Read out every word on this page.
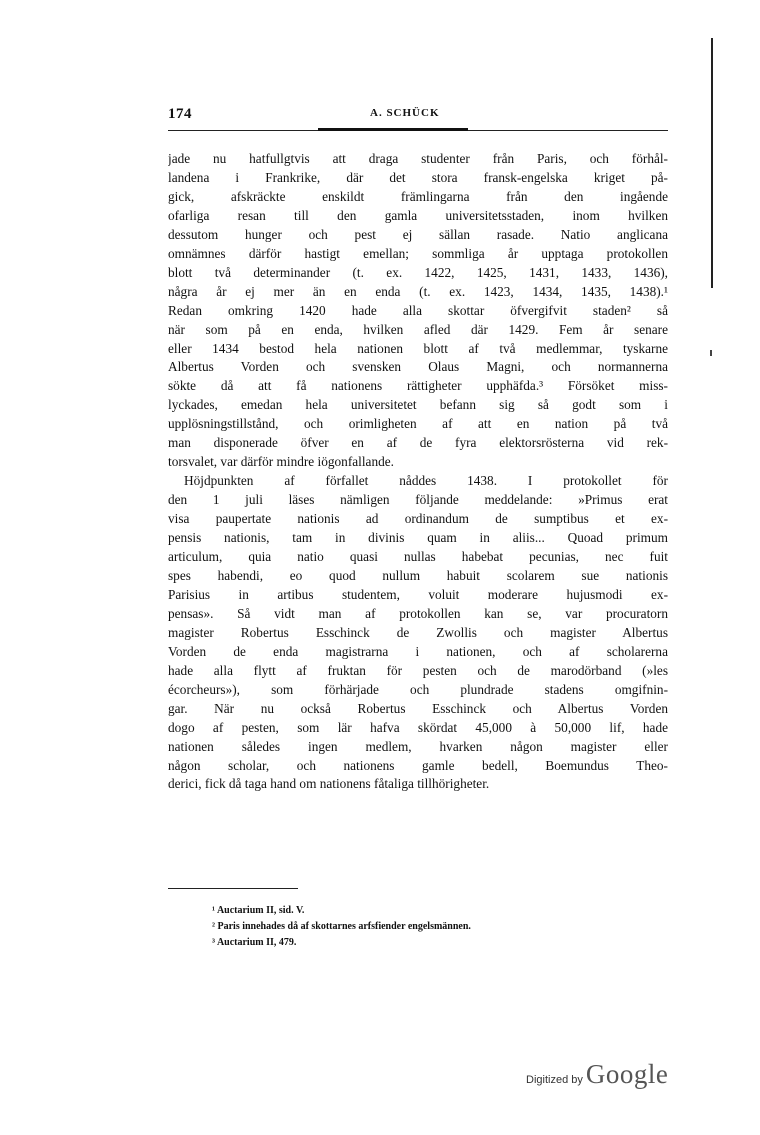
174	A. SCHÜCK
jade nu hatfullgtvis att draga studenter från Paris, och förhål-
landena i Frankrike, där det stora fransk-engelska kriget på-
gick, afskräckte enskildt främlingarna från den ingående
ofarliga resan till den gamla universitetsstaden, inom hvilken
dessutom hunger och pest ej sällan rasade. Natio anglicana
omnämnes därför hastigt emellan; sommliga år upptaga protokollen
blott två determinander (t. ex. 1422, 1425, 1431, 1433, 1436),
några år ej mer än en enda (t. ex. 1423, 1434, 1435, 1438).¹
Redan omkring 1420 hade alla skottar öfvergifvit staden² så
när som på en enda, hvilken afled där 1429. Fem år senare
eller 1434 bestod hela nationen blott af två medlemmar, tyskarne
Albertus Vorden och svensken Olaus Magni, och normannerna
sökte då att få nationens rättigheter upphäfda.³ Försöket miss-
lyckades, emedan hela universitetet befann sig så godt som i
upplösningstillstånd, och orimligheten af att en nation på två
man disponerade öfver en af de fyra elektorsrösterna vid rek-
torsvalet, var därför mindre iögonfallande.
Höjdpunkten af förfallet nåddes 1438. I protokollet för
den 1 juli läses nämligen följande meddelande: »Primus erat
visa paupertate nationis ad ordinandum de sumptibus et ex-
pensis nationis, tam in divinis quam in aliis... Quoad primum
articulum, quia natio quasi nullas habebat pecunias, nec fuit
spes habendi, eo quod nullum habuit scolarem sue nationis
Parisius in artibus studentem, voluit moderare hujusmodi ex-
pensas». Så vidt man af protokollen kan se, var procuratorn
magister Robertus Esschinck de Zwollis och magister Albertus
Vorden de enda magistrarna i nationen, och af scholarerna
hade alla flytt af fruktan för pesten och de marodörband (»les
écorcheurs»), som förhärjade och plundrade stadens omgifnin-
gar. När nu också Robertus Esschinck och Albertus Vorden
dogo af pesten, som lär hafva skördat 45,000 à 50,000 lif, hade
nationen således ingen medlem, hvarken någon magister eller
någon scholar, och nationens gamle bedell, Boemundus Theo-
derici, fick då taga hand om nationens fåtaliga tillhörigheter.
¹ Auctarium II, sid. V.
² Paris innehades då af skottarnes arfsfiender engelsmännen.
³ Auctarium II, 479.
Digitized by Google
